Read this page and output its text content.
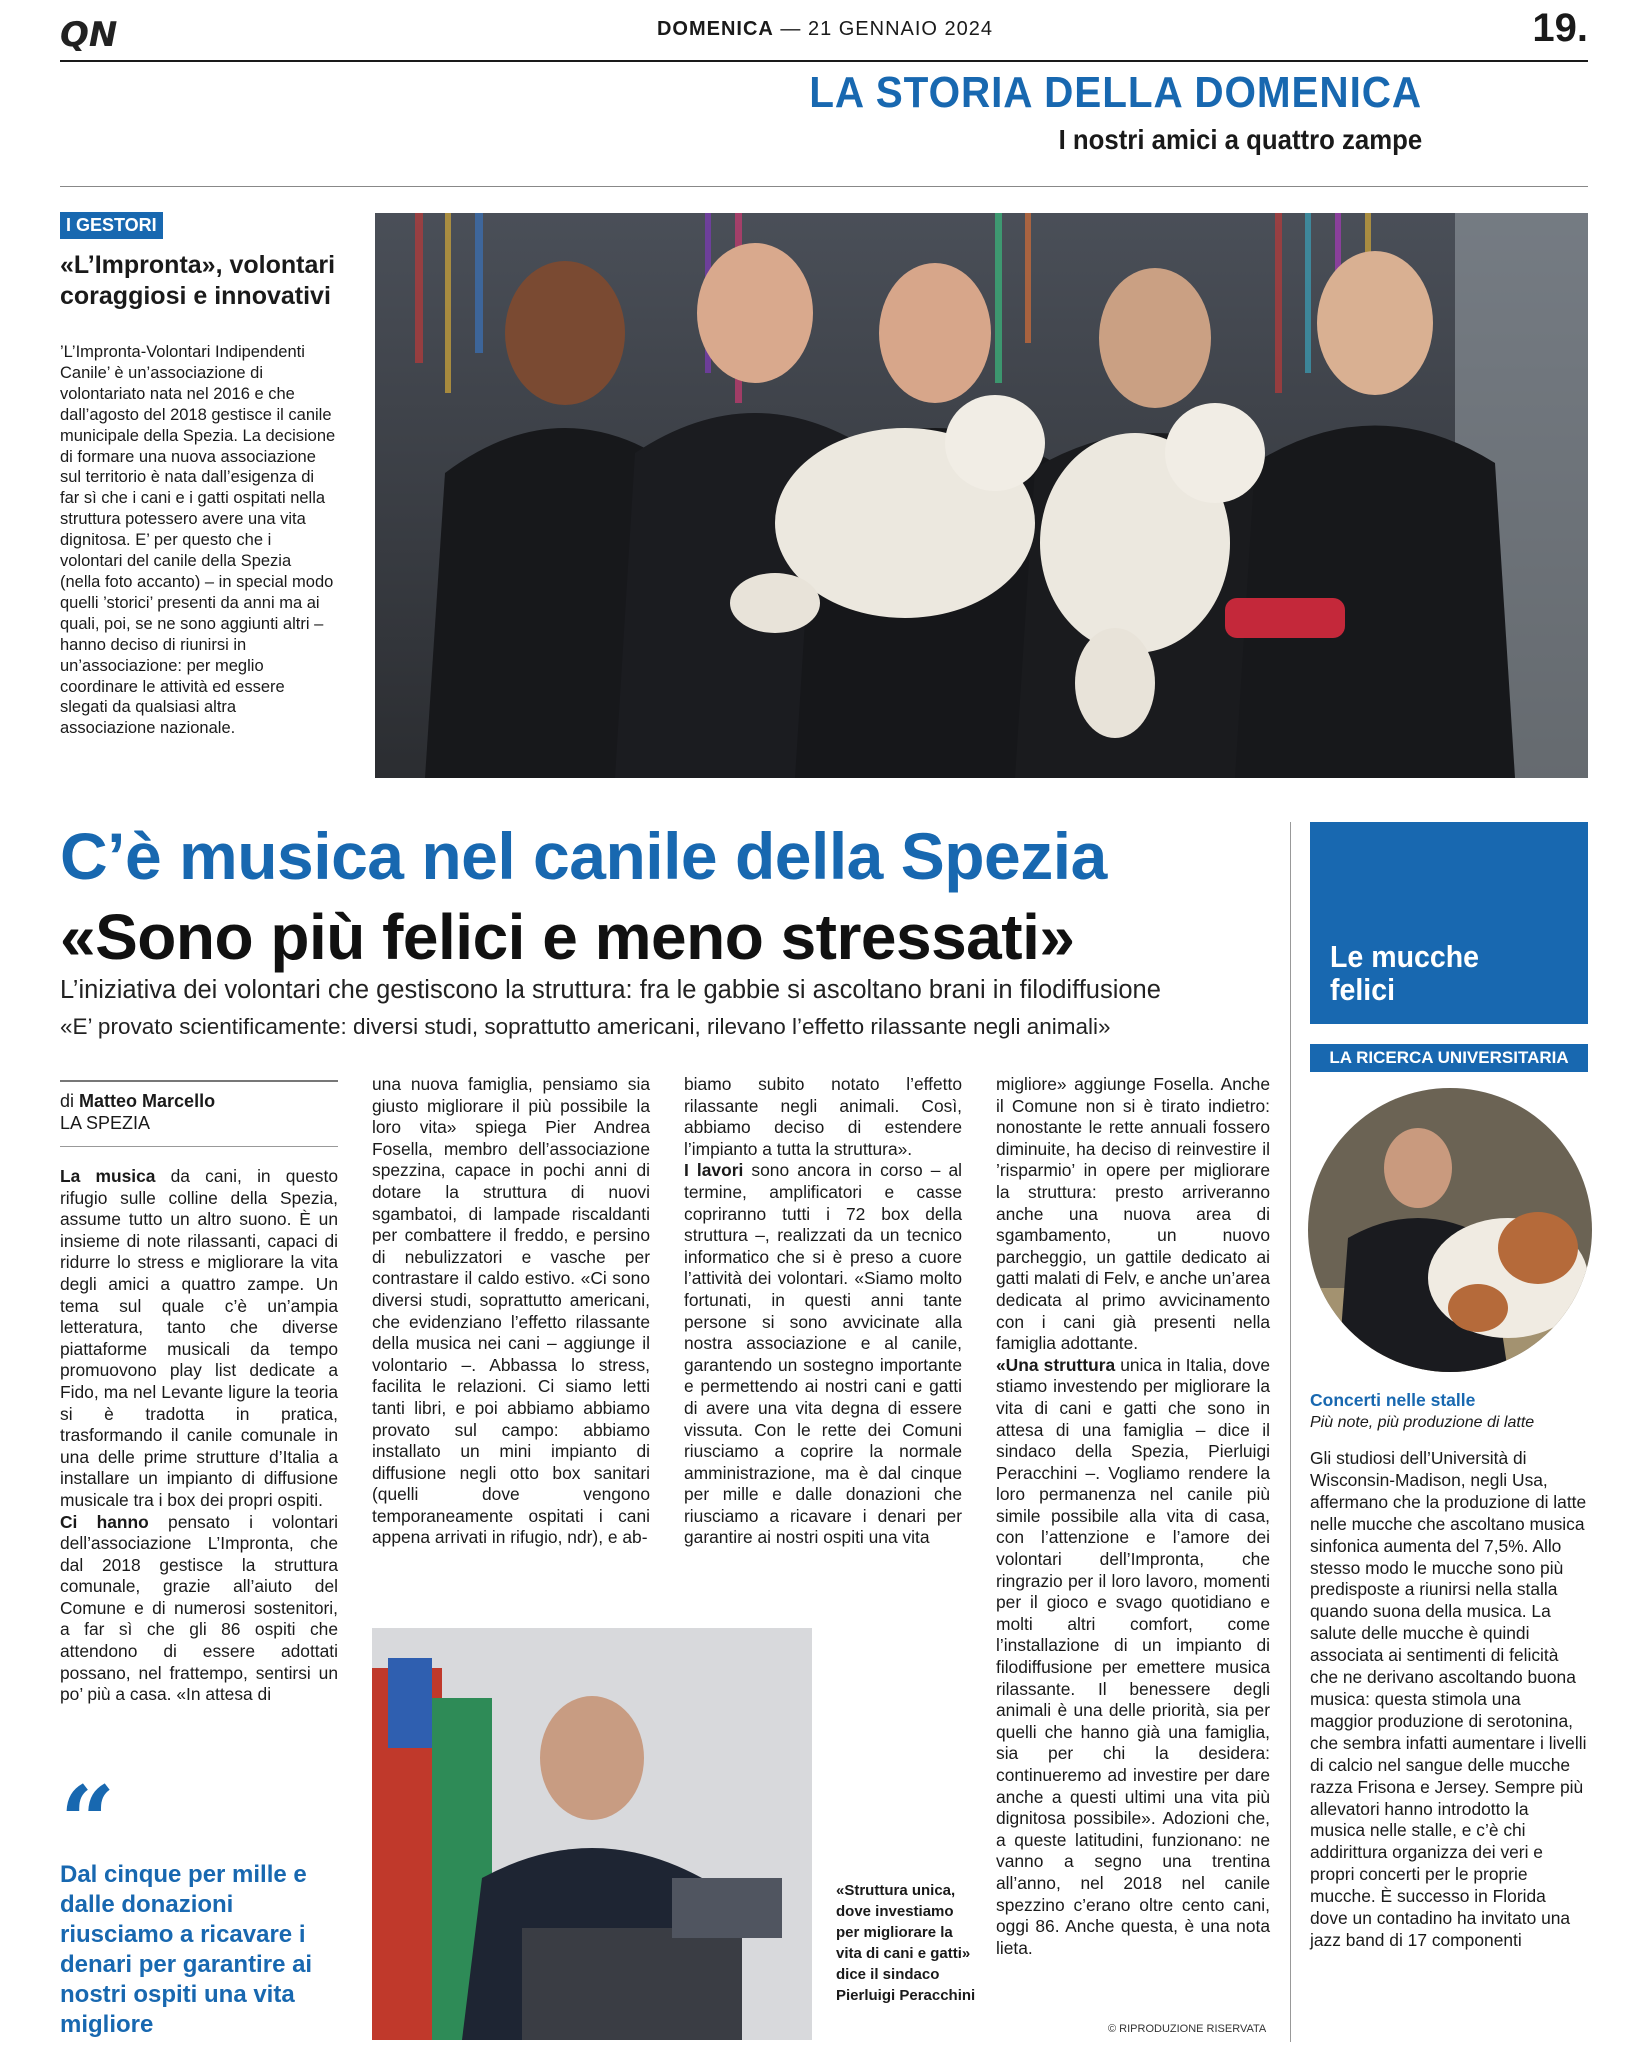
QN	DOMENICA — 21 GENNAIO 2024	19.
LA STORIA DELLA DOMENICA
I nostri amici a quattro zampe
I GESTORI
«L’Impronta», volontari coraggiosi e innovativi
’L’Impronta-Volontari Indipendenti Canile’ è un’associazione di volontariato nata nel 2016 e che dall’agosto del 2018 gestisce il canile municipale della Spezia. La decisione di formare una nuova associazione sul territorio è nata dall’esigenza di far sì che i cani e i gatti ospitati nella struttura potessero avere una vita dignitosa. E’ per questo che i volontari del canile della Spezia (nella foto accanto) – in special modo quelli ’storici’ presenti da anni ma ai quali, poi, se ne sono aggiunti altri – hanno deciso di riunirsi in un’associazione: per meglio coordinare le attività ed essere slegati da qualsiasi altra associazione nazionale.
C’è musica nel canile della Spezia
«Sono più felici e meno stressati»
L’iniziativa dei volontari che gestiscono la struttura: fra le gabbie si ascoltano brani in filodiffusione
«E’ provato scientificamente: diversi studi, soprattutto americani, rilevano l’effetto rilassante negli animali»
di Matteo Marcello
LA SPEZIA

La musica da cani, in questo rifugio sulle colline della Spezia, assume tutto un altro suono. È un insieme di note rilassanti, capaci di ridurre lo stress e migliorare la vita degli amici a quattro zampe. Un tema sul quale c’è un’ampia letteratura, tanto che diverse piattaforme musicali da tempo promuovono play list dedicate a Fido, ma nel Levante ligure la teoria si è tradotta in pratica, trasformando il canile comunale in una delle prime strutture d’Italia a installare un impianto di diffusione musicale tra i box dei propri ospiti.

Ci hanno pensato i volontari dell’associazione L’Impronta, che dal 2018 gestisce la struttura comunale, grazie all’aiuto del Comune e di numerosi sostenitori, a far sì che gli 86 ospiti che attendono di essere adottati possano, nel frattempo, sentirsi un po’ più a casa. «In attesa di

“
Dal cinque per mille e dalle donazioni riusciamo a ricavare i denari per garantire ai nostri ospiti una vita migliore

una nuova famiglia, pensiamo sia giusto migliorare il più possibile la loro vita» spiega Pier Andrea Fosella, membro dell’associazione spezzina, capace in pochi anni di dotare la struttura di nuovi sgambatoi, di lampade riscaldanti per combattere il freddo, e persino di nebulizzatori e vasche per contrastare il caldo estivo. «Ci sono diversi studi, soprattutto americani, che evidenziano l’effetto rilassante della musica nei cani – aggiunge il volontario –. Abbassa lo stress, facilita le relazioni. Ci siamo letti tanti libri, e poi abbiamo abbiamo provato sul campo: abbiamo installato un mini impianto di diffusione negli otto box sanitari (quelli dove vengono temporaneamente ospitati i cani appena arrivati in rifugio, ndr), e ab-

biamo subito notato l’effetto rilassante negli animali. Così, abbiamo deciso di estendere l’impianto a tutta la struttura».

I lavori sono ancora in corso – al termine, amplificatori e casse copriranno tutti i 72 box della struttura –, realizzati da un tecnico informatico che si è preso a cuore l’attività dei volontari. «Siamo molto fortunati, in questi anni tante persone si sono avvicinate alla nostra associazione e al canile, garantendo un sostegno importante e permettendo ai nostri cani e gatti di avere una vita degna di essere vissuta. Con le rette dei Comuni riusciamo a coprire la normale amministrazione, ma è dal cinque per mille e dalle donazioni che riusciamo a ricavare i denari per garantire ai nostri ospiti una vita

migliore» aggiunge Fosella. Anche il Comune non si è tirato indietro: nonostante le rette annuali fossero diminuite, ha deciso di reinvestire il ’risparmio’ in opere per migliorare la struttura: presto arriveranno anche una nuova area di sgambamento, un nuovo parcheggio, un gattile dedicato ai gatti malati di Felv, e anche un’area dedicata al primo avvicinamento con i cani già presenti nella famiglia adottante.

«Una struttura unica in Italia, dove stiamo investendo per migliorare la vita di cani e gatti che sono in attesa di una famiglia – dice il sindaco della Spezia, Pierluigi Peracchini –. Vogliamo rendere la loro permanenza nel canile più simile possibile alla vita di casa, con l’attenzione e l’amore dei volontari dell’Impronta, che ringrazio per il loro lavoro, momenti per il gioco e svago quotidiano e molti altri comfort, come l’installazione di un impianto di filodiffusione per emettere musica rilassante. Il benessere degli animali è una delle priorità, sia per quelli che hanno già una famiglia, sia per chi la desidera: continueremo ad investire per dare anche a questi ultimi una vita più dignitosa possibile». Adozioni che, a queste latitudini, funzionano: ne vanno a segno una trentina all’anno, nel 2018 nel canile spezzino c’erano oltre cento cani, oggi 86. Anche questa, è una nota lieta.

«Struttura unica, dove investiamo per migliorare la vita di cani e gatti» dice il sindaco Pierluigi Peracchini
© RIPRODUZIONE RISERVATA
Le mucche
felici
LA RICERCA UNIVERSITARIA
Concerti nelle stalle
Più note, più produzione di latte
Gli studiosi dell’Università di Wisconsin-Madison, negli Usa, affermano che la produzione di latte nelle mucche che ascoltano musica sinfonica aumenta del 7,5%. Allo stesso modo le mucche sono più predisposte a riunirsi nella stalla quando suona della musica. La salute delle mucche è quindi associata ai sentimenti di felicità che ne derivano ascoltando buona musica: questa stimola una maggior produzione di serotonina, che sembra infatti aumentare i livelli di calcio nel sangue delle mucche razza Frisona e Jersey. Sempre più allevatori hanno introdotto la musica nelle stalle, e c’è chi addirittura organizza dei veri e propri concerti per le proprie mucche. È successo in Florida dove un contadino ha invitato una jazz band di 17 componenti
